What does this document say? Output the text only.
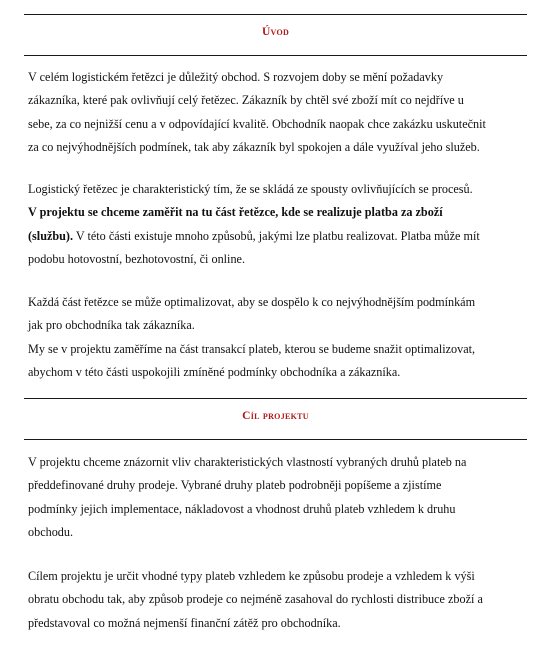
Úvod
V celém logistickém řetězci je důležitý obchod. S rozvojem doby se mění požadavky
zákazníka, které pak ovlivňují celý řetězec. Zákazník by chtěl své zboží mít co nejdříve u
sebe, za co nejnižší cenu a v odpovídající kvalitě. Obchodník naopak chce zakázku uskutečnit
za co nejvýhodnějších podmínek, tak aby zákazník byl spokojen a dále využíval jeho služeb.
Logistický řetězec je charakteristický tím, že se skládá ze spousty ovlivňujících se procesů.
V projektu se chceme zaměřit na tu část řetězce, kde se realizuje platba za zboží
(službu). V této části existuje mnoho způsobů, jakými lze platbu realizovat. Platba může mít
podobu hotovostní, bezhotovostní, či online.
Každá část řetězce se může optimalizovat, aby se dospělo k co nejvýhodnějším podmínkám
jak pro obchodníka tak zákazníka.
My se v projektu zaměříme na část transakcí plateb, kterou se budeme snažit optimalizovat,
abychom v této části uspokojili zmíněné podmínky obchodníka a zákazníka.
Cíl projektu
V projektu chceme znázornit vliv charakteristických vlastností vybraných druhů plateb na
předdefinované druhy prodeje. Vybrané druhy plateb podrobněji popíšeme a zjistíme
podmínky jejich implementace, nákladovost a vhodnost druhů plateb vzhledem k druhu
obchodu.
Cílem projektu je určit vhodné typy plateb vzhledem ke způsobu prodeje a vzhledem k výši
obratu obchodu tak, aby způsob prodeje co nejméně zasahoval do rychlosti distribuce zboží a
představoval co možná nejmenší finanční zátěž pro obchodníka.
